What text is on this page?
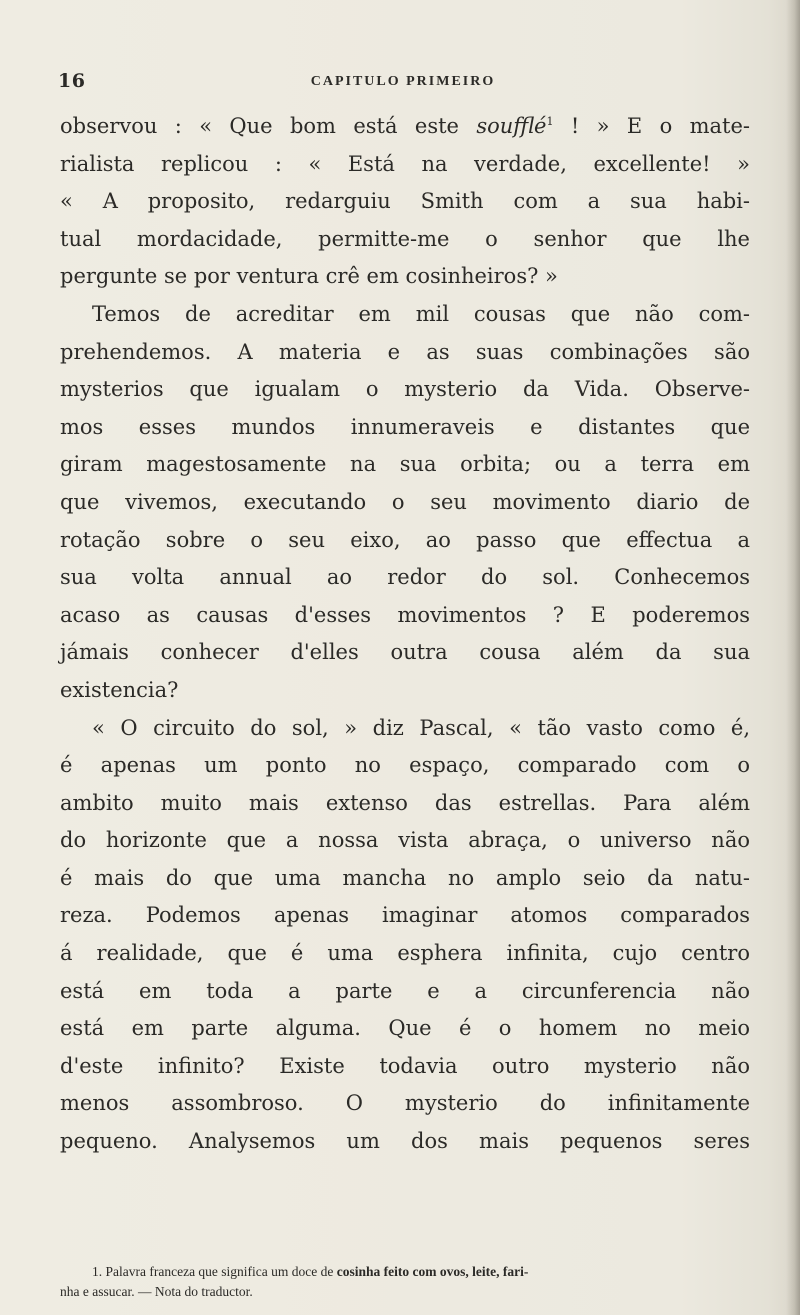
16	CAPITULO PRIMEIRO
observou : « Que bom está este soufflé$^1$ ! » E o mate-
rialista replicou : « Está na verdade, excellente! »
« A proposito, redarguiu Smith com a sua habi-
tual mordacidade, permitte-me o senhor que lhe
pergunte se por ventura crê em cosinheiros? »
Temos de acreditar em mil cousas que não com-
prehendemos. A materia e as suas combinações são
mysterios que igualam o mysterio da Vida. Observe-
mos esses mundos innumeraveis e distantes que
giram magestosamente na sua orbita; ou a terra em
que vivemos, executando o seu movimento diario de
rotação sobre o seu eixo, ao passo que effectua a
sua volta annual ao redor do sol. Conhecemos
acaso as causas d'esses movimentos ? E poderemos
jámais conhecer d'elles outra cousa além da sua
existencia?
« O circuito do sol, » diz Pascal, « tão vasto como é,
é apenas um ponto no espaço, comparado com o
ambito muito mais extenso das estrellas. Para além
do horizonte que a nossa vista abraça, o universo não
é mais do que uma mancha no amplo seio da natu-
reza. Podemos apenas imaginar atomos comparados
á realidade, que é uma esphera infinita, cujo centro
está em toda a parte e a circunferencia não
está em parte alguma. Que é o homem no meio
d'este infinito? Existe todavia outro mysterio não
menos assombroso. O mysterio do infinitamente
pequeno. Analysemos um dos mais pequenos seres
1. Palavra franceza que significa um doce de cosinha feito com ovos, leite, fari-
nha e assucar. — Nota do traductor.
